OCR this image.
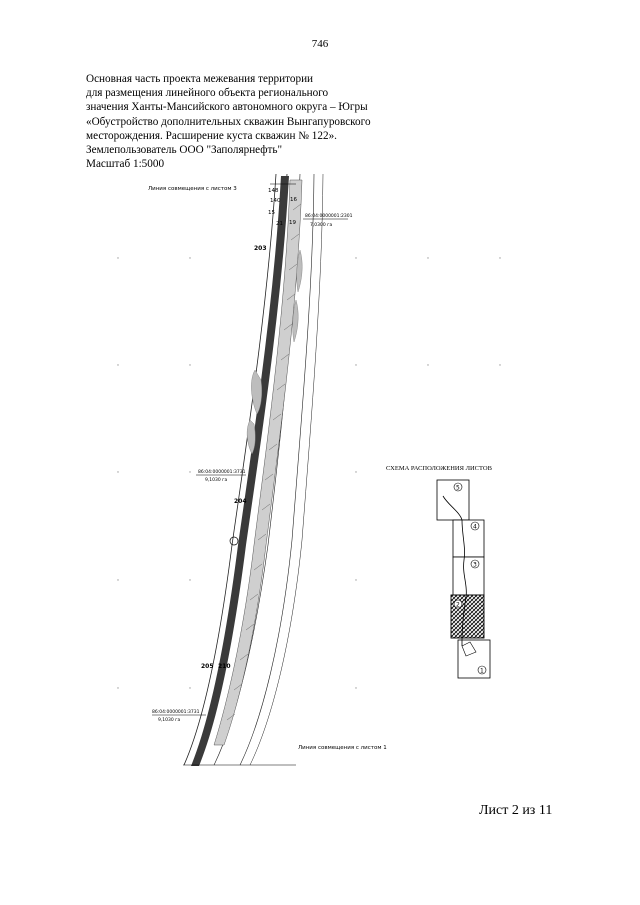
746
Основная часть проекта межевания территории
для размещения линейного объекта регионального
значения Ханты-Мансийского автономного округа – Югры
«Обустройство дополнительных скважин Вынгапуровского
месторождения. Расширение куста скважин № 122».
Землепользователь ООО "Заполярнефть"
Масштаб 1:5000
148
140 16
15
21 19
203
204
205 210
Линия совмещения с листом 3
Линия совмещения с листом 1
86:04:0000001:2301
7,0300 га
86:04:0000001:3731
9,1030 га
86:04:0000001:3731
9,1030 га
СХЕМА РАСПОЛОЖЕНИЯ ЛИСТОВ
5
4
3
2
1
Лист 2 из 11
